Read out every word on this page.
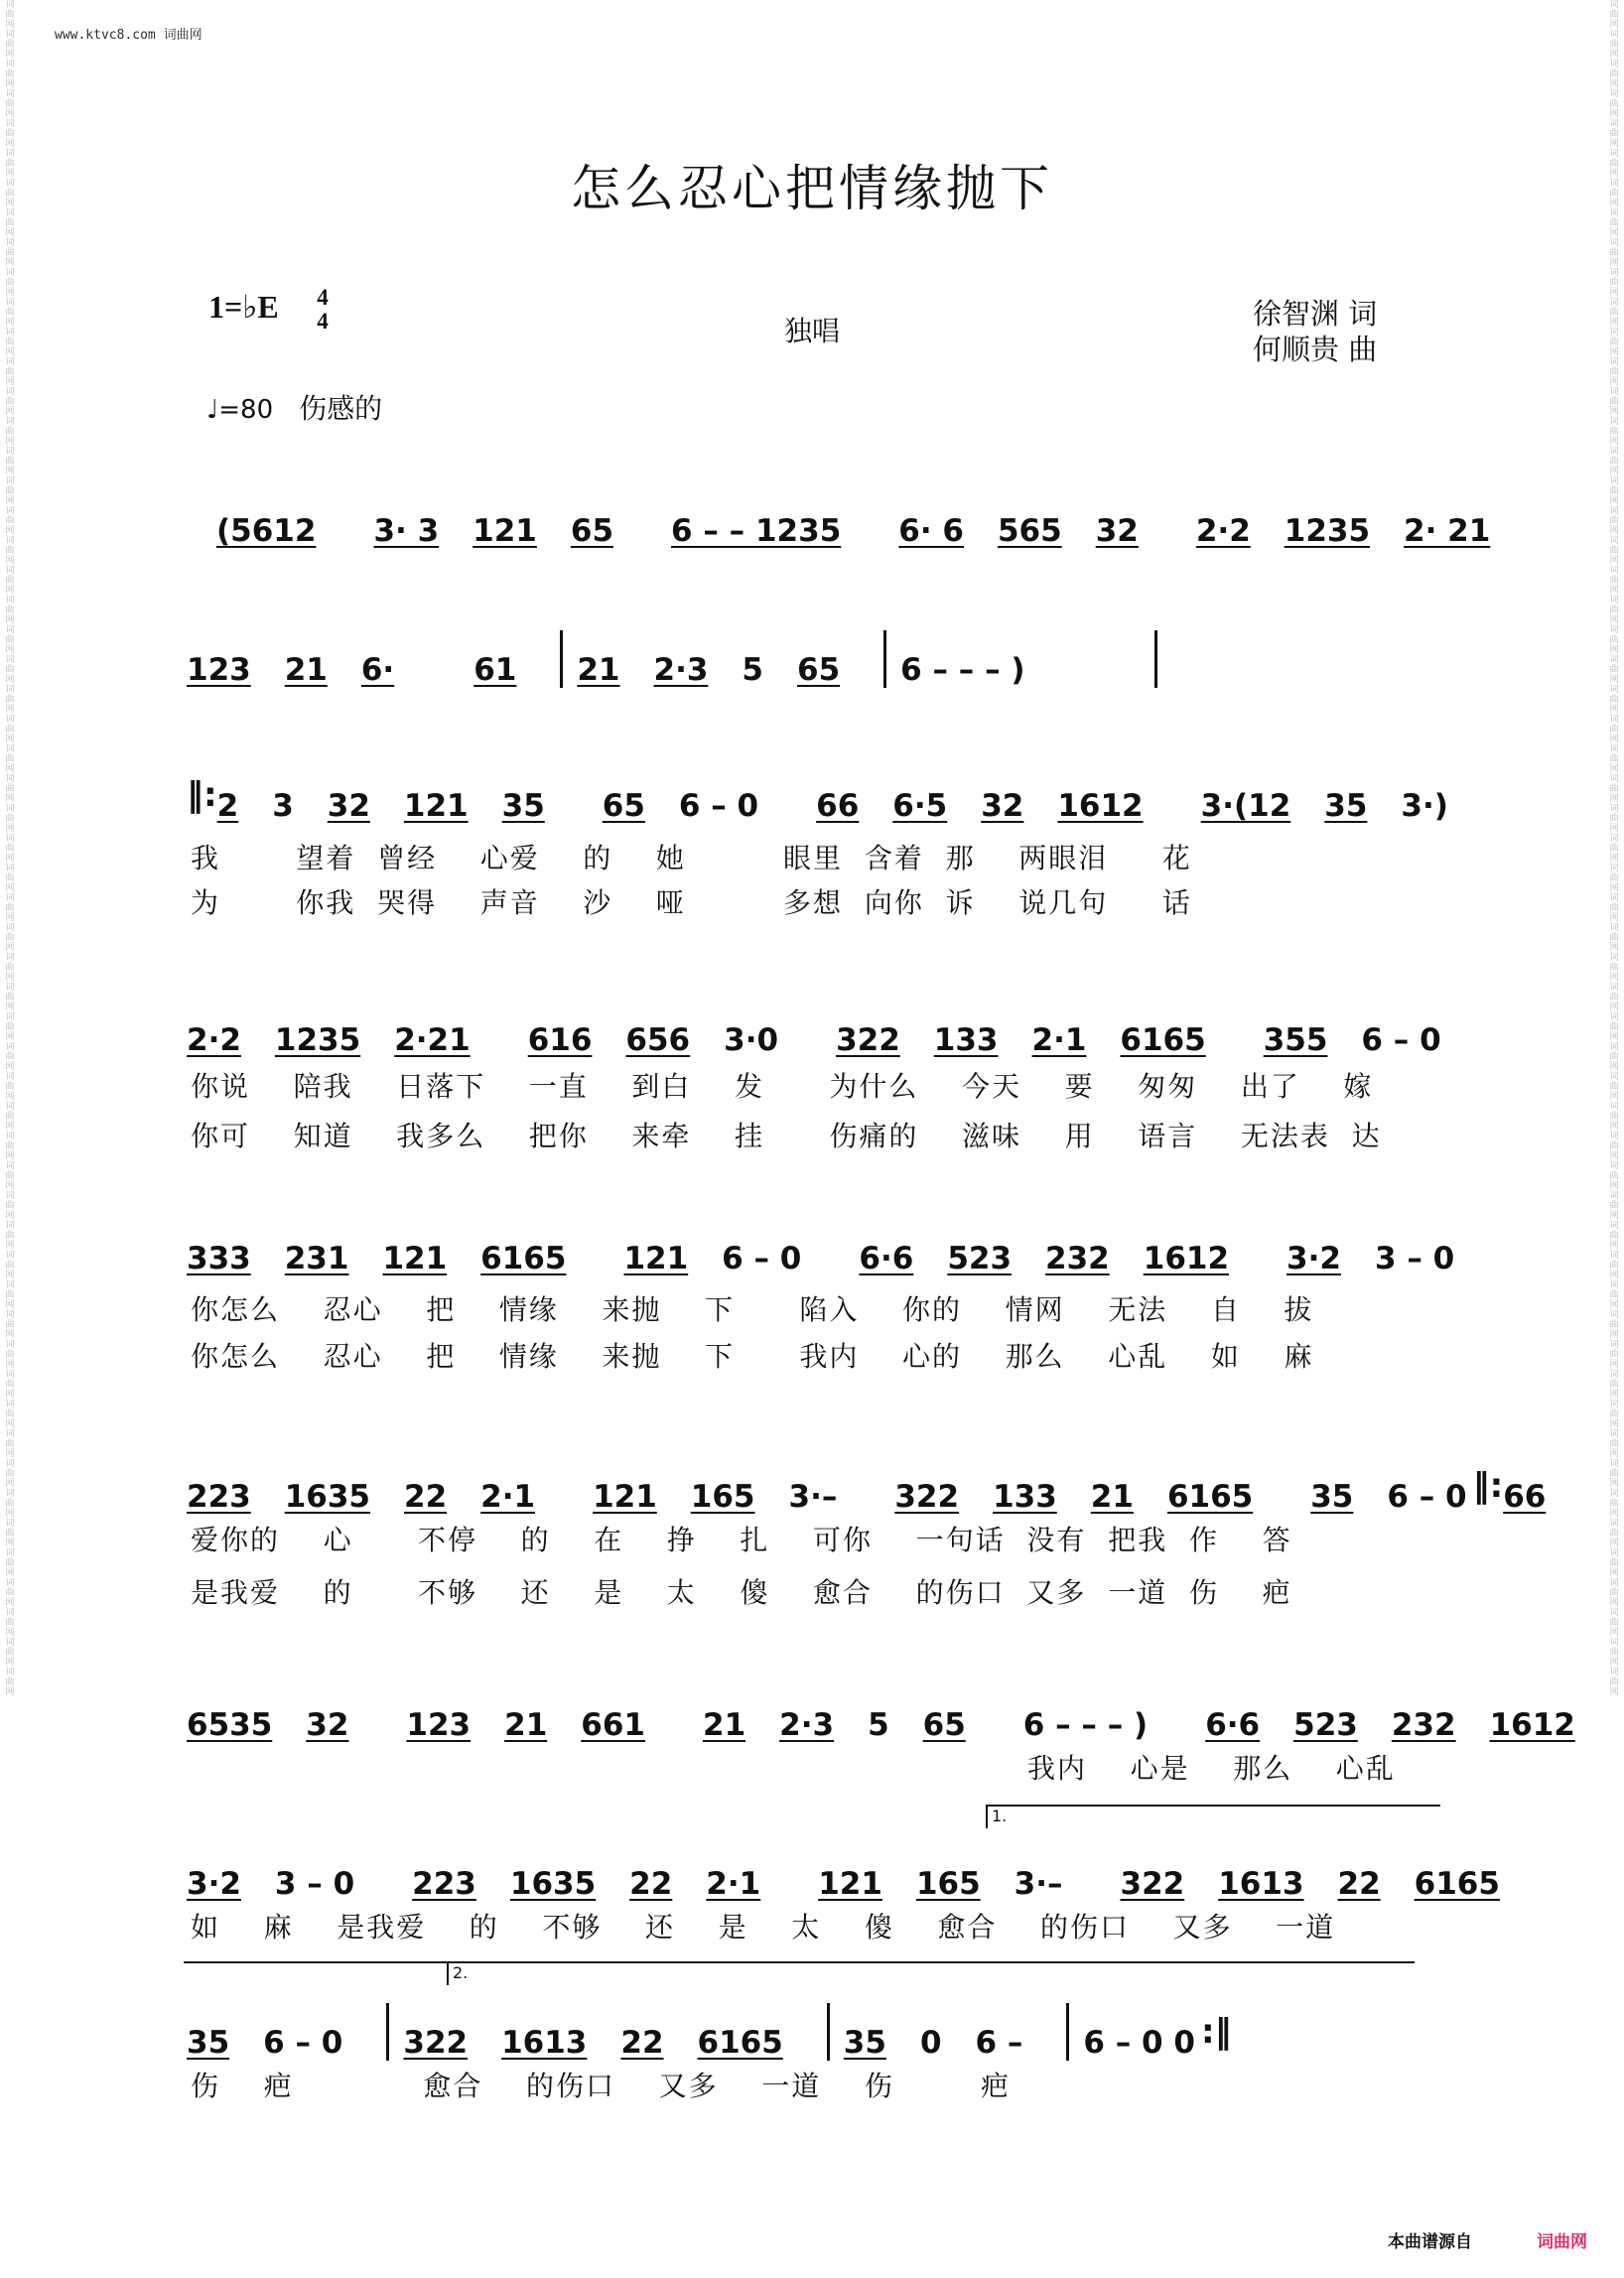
词曲网词曲网词曲网词曲网词曲网词曲网词曲网词曲网词曲网词曲网词曲网词曲网词曲网词曲网词曲网词曲网词曲网词曲网词曲网词曲网词曲网词曲网词曲网词曲网词曲网词曲网词曲网词曲网词曲网词曲网词曲网词曲网词曲网词曲网词曲网词曲网词曲网词曲网词曲网词曲网词曲网词曲网词曲网词曲网词曲网词曲网词曲网词曲网词曲网词曲网词曲网词曲网词曲网词曲网词曲网词曲网词曲网
词曲网词曲网词曲网词曲网词曲网词曲网词曲网词曲网词曲网词曲网词曲网词曲网词曲网词曲网词曲网词曲网词曲网词曲网词曲网词曲网词曲网词曲网词曲网词曲网词曲网词曲网词曲网词曲网词曲网词曲网词曲网词曲网词曲网词曲网词曲网词曲网词曲网词曲网词曲网词曲网词曲网词曲网词曲网词曲网词曲网词曲网词曲网词曲网词曲网词曲网词曲网词曲网词曲网词曲网词曲网词曲网词曲网
www.ktvc8.com 词曲网
怎么忍心把情缘抛下
1=♭E	4
4	独唱
徐智渊 词
何顺贵 曲
♩=80 伤感的
(5612 3· 3 121 65 6 – – 1235 6· 6 565 32 2·2 1235 2· 21
123 21 6·	61 21 2·3 5 65 6 – – – )
‖: 2 3 32 121 35 65 6 – 0 66 6·5 32 1612 3·(12 35 3·)
我       望着  曾经    心爱    的    她         眼里  含着  那    两眼泪     花
为       你我  哭得    声音    沙    哑         多想  向你  诉    说几句     话
2·2 1235 2·21 616 656 3·0 322 133 2·1 6165 355 6 – 0
你说    陪我    日落下    一直    到白    发      为什么    今天    要    匆匆    出了    嫁
你可    知道    我多么    把你    来牵    挂      伤痛的    滋味    用    语言    无法表  达
333 231 121 6165 121 6 – 0 6·6 523 232 1612 3·2 3 – 0
你怎么    忍心    把    情缘    来抛    下      陷入    你的    情网    无法    自    拔
你怎么    忍心    把    情缘    来抛    下      我内    心的    那么    心乱    如    麻
223 1635 22 2·1 121 165 3·– 322 133 21 6165 35 6 – 0 ‖: 66
爱你的    心      不停    的    在    挣    扎    可你    一句话  没有  把我  作    答
是我爱    的      不够    还    是    太    傻    愈合    的伤口  又多  一道  伤    疤
6535 32 123 21 661 21 2·3 5 65 6 – – – ) 6·6 523 232 1612
我内    心是    那么    心乱
1.
3·2 3 – 0 223 1635 22 2·1 121 165 3·– 322 1613 22 6165
如    麻    是我爱    的    不够    还    是    太    傻    愈合    的伤口    又多    一道
2.
35 6 – 0 322 1613 22 6165 35 0 6 – 6 – 0 0 :‖
伤    疤            愈合    的伤口    又多    一道    伤        疤
本曲谱源自	词曲网
